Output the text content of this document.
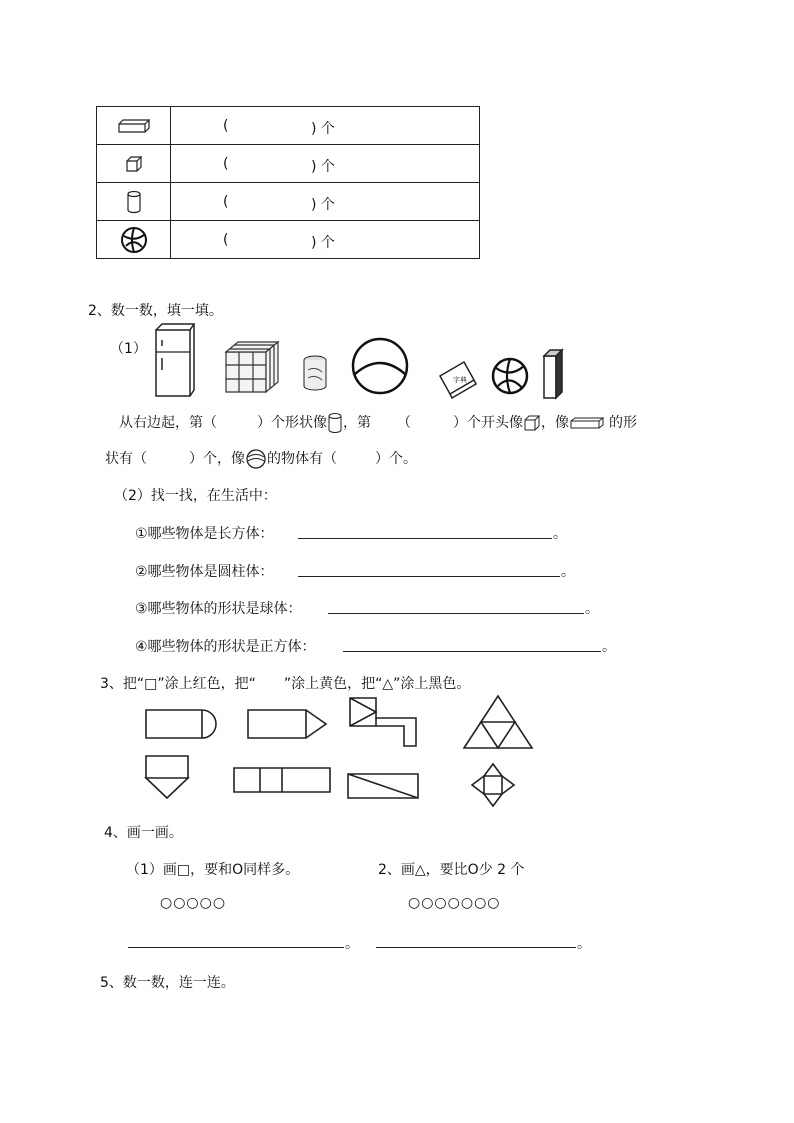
( ) 个

( ) 个

( ) 个

( ) 个
2、数一数，填一填。
（1）
字典
从右边起，第（	）个形状像 ，第 （	）个开头像 ，像	的形
状有（	）个，像 的物体有（	）个。
（2）找一找，在生活中：
①哪些物体是长方体：	。
②哪些物体是圆柱体：	。
③哪些物体的形状是球体：	。
④哪些物体的形状是正方体：	。
3、把“□”涂上红色，把“　　”涂上黄色，把“△”涂上黑色。
4、画一画。
（1）画□，要和O同样多。	2、画△，要比O少 2 个
○○○○○	○○○○○○○
。	。
5、数一数，连一连。
